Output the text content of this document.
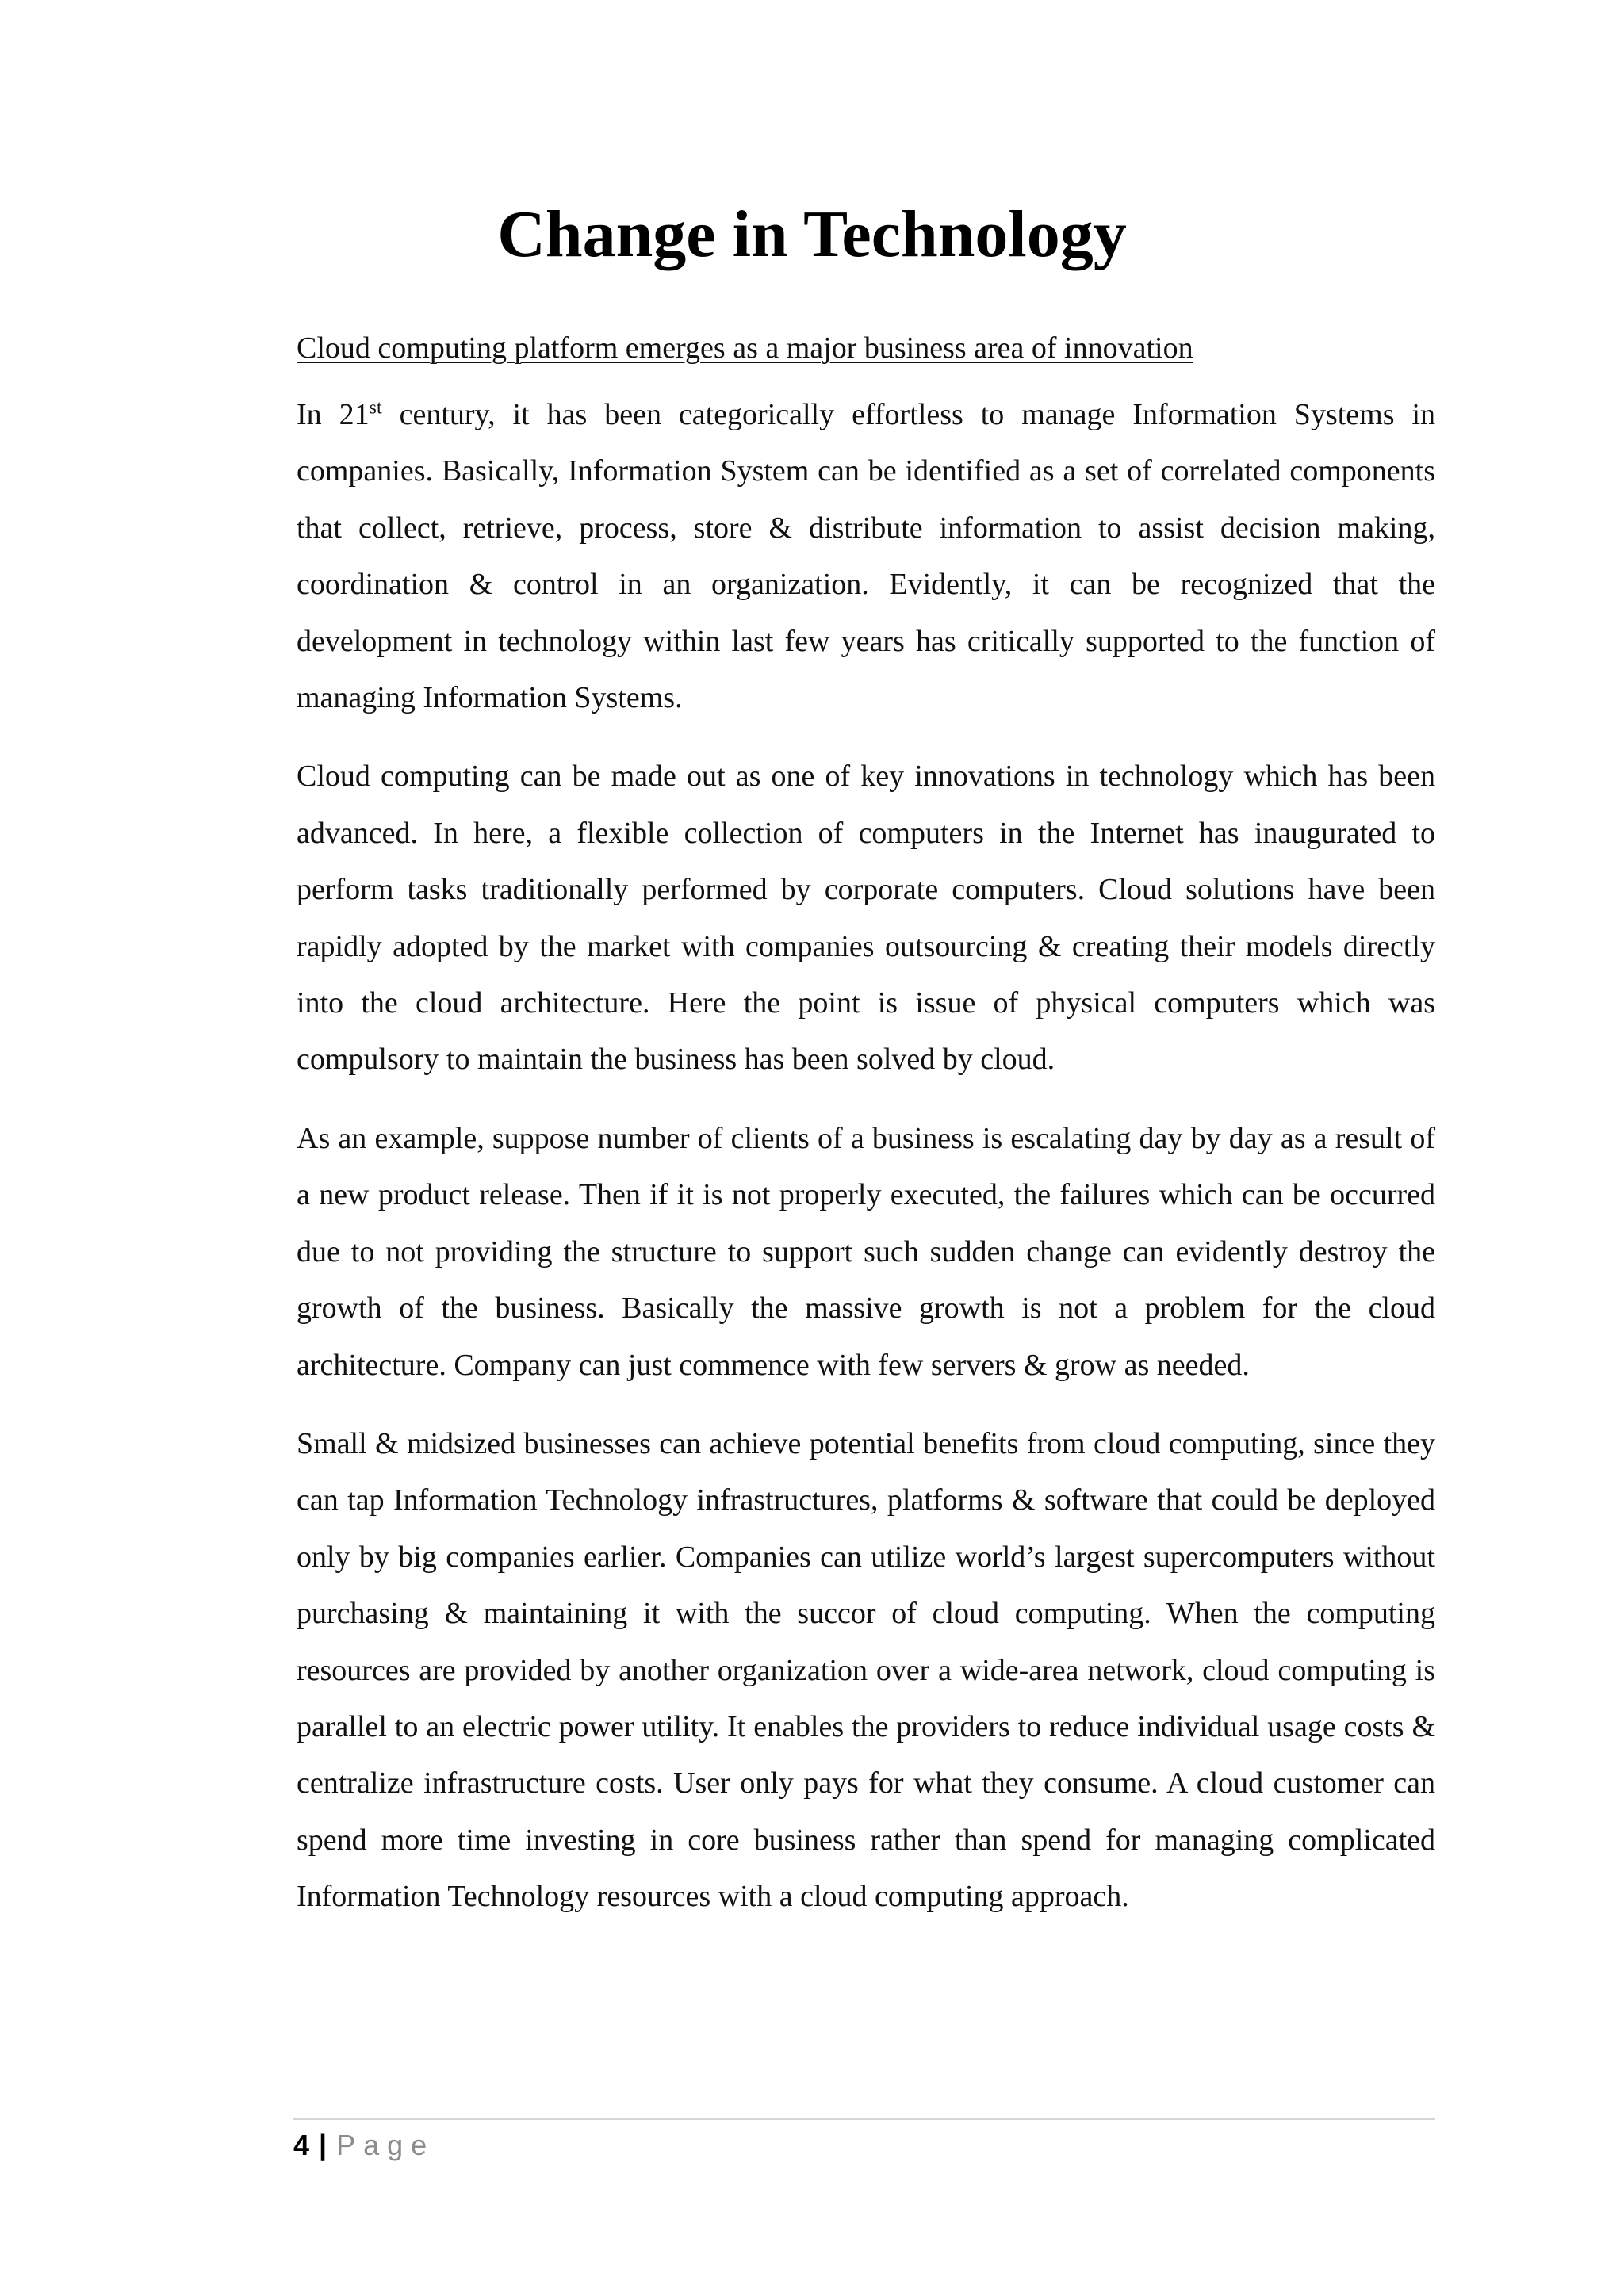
Change in Technology

Cloud computing platform emerges as a major business area of innovation

In 21st century, it has been categorically effortless to manage Information Systems in companies. Basically, Information System can be identified as a set of correlated components that collect, retrieve, process, store & distribute information to assist decision making, coordination & control in an organization. Evidently, it can be recognized that the development in technology within last few years has critically supported to the function of managing Information Systems.

Cloud computing can be made out as one of key innovations in technology which has been advanced. In here, a flexible collection of computers in the Internet has inaugurated to perform tasks traditionally performed by corporate computers. Cloud solutions have been rapidly adopted by the market with companies outsourcing & creating their models directly into the cloud architecture. Here the point is issue of physical computers which was compulsory to maintain the business has been solved by cloud.

As an example, suppose number of clients of a business is escalating day by day as a result of a new product release. Then if it is not properly executed, the failures which can be occurred due to not providing the structure to support such sudden change can evidently destroy the growth of the business. Basically the massive growth is not a problem for the cloud architecture. Company can just commence with few servers & grow as needed.

Small & midsized businesses can achieve potential benefits from cloud computing, since they can tap Information Technology infrastructures, platforms & software that could be deployed only by big companies earlier. Companies can utilize world’s largest supercomputers without purchasing & maintaining it with the succor of cloud computing. When the computing resources are provided by another organization over a wide-area network, cloud computing is parallel to an electric power utility. It enables the providers to reduce individual usage costs & centralize infrastructure costs. User only pays for what they consume. A cloud customer can spend more time investing in core business rather than spend for managing complicated Information Technology resources with a cloud computing approach.

4 | Page
